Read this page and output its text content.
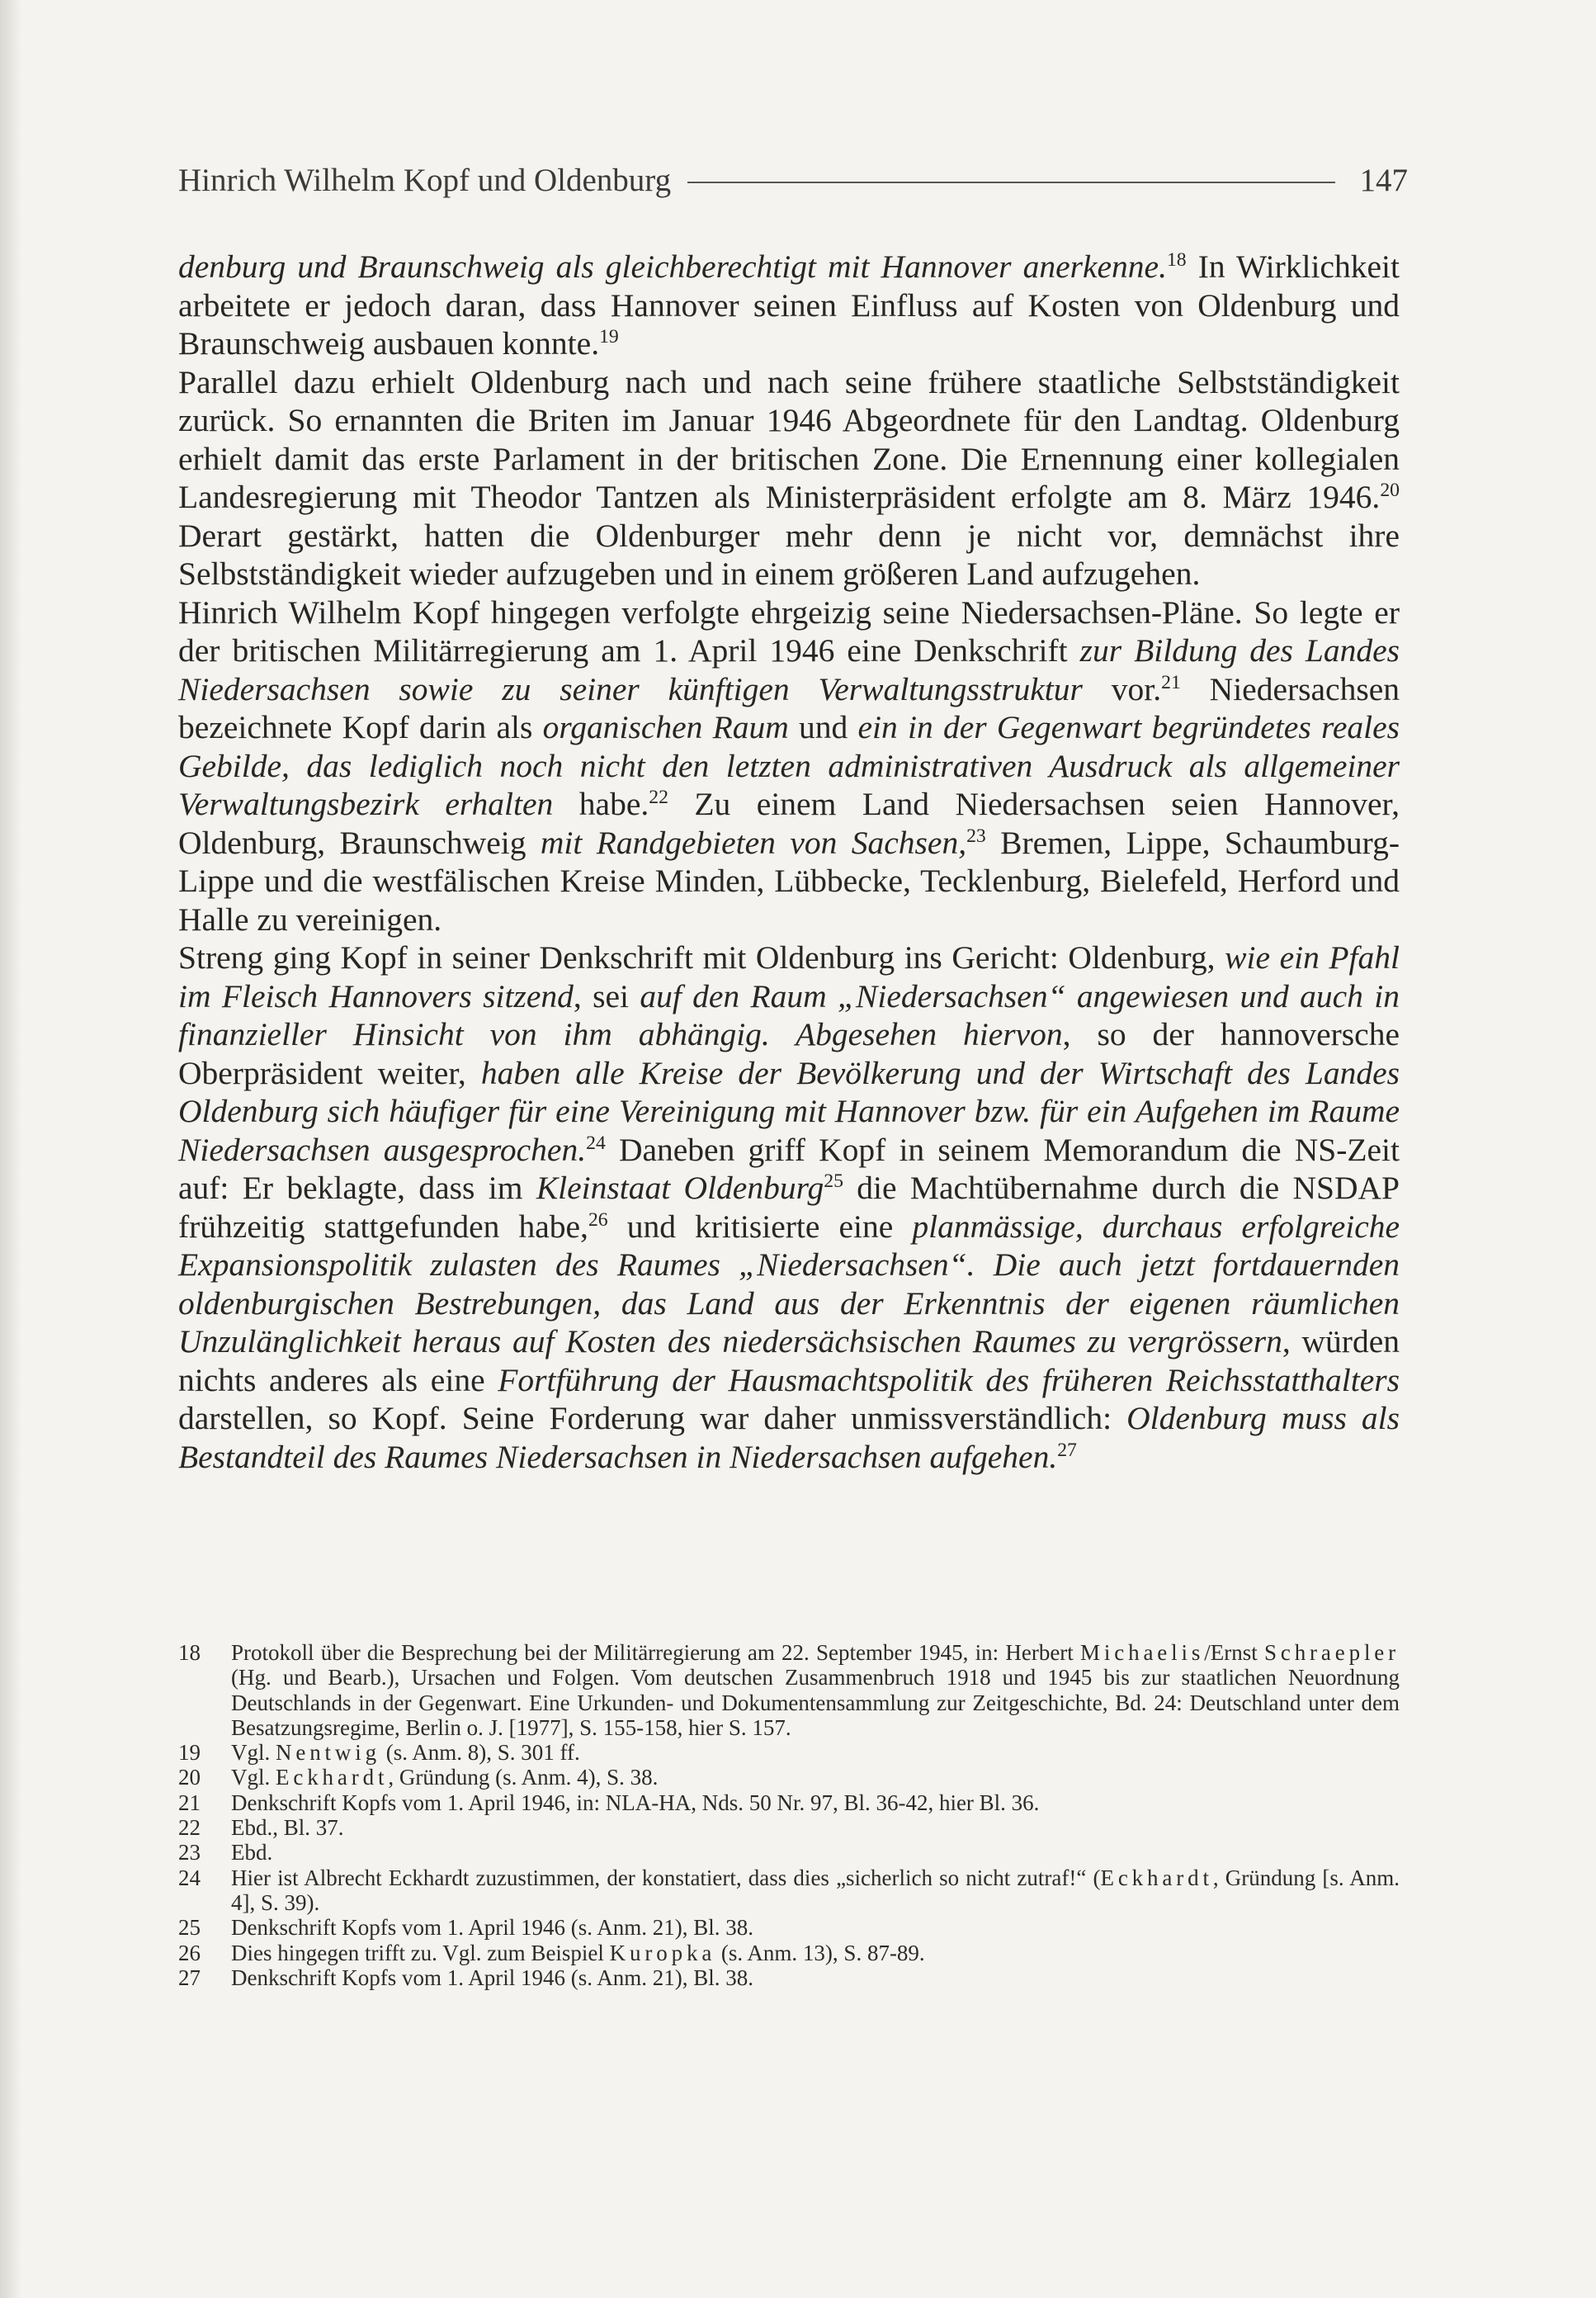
Hinrich Wilhelm Kopf und Oldenburg	147

denburg und Braunschweig als gleichberechtigt mit Hannover anerkenne.$^{18}$ In Wirklichkeit arbeitete er jedoch daran, dass Hannover seinen Einfluss auf Kosten von Oldenburg und Braunschweig ausbauen konnte.$^{19}$

Parallel dazu erhielt Oldenburg nach und nach seine frühere staatliche Selbstständigkeit zurück. So ernannten die Briten im Januar 1946 Abgeordnete für den Landtag. Oldenburg erhielt damit das erste Parlament in der britischen Zone. Die Ernennung einer kollegialen Landesregierung mit Theodor Tantzen als Ministerpräsident erfolgte am 8. März 1946.20 Derart gestärkt, hatten die Oldenburger mehr denn je nicht vor, demnächst ihre Selbstständigkeit wieder aufzugeben und in einem größeren Land aufzugehen.

Hinrich Wilhelm Kopf hingegen verfolgte ehrgeizig seine Niedersachsen-Pläne. So legte er der britischen Militärregierung am 1. April 1946 eine Denkschrift zur Bildung des Landes Niedersachsen sowie zu seiner künftigen Verwaltungsstruktur vor.$^{21}$ Niedersachsen bezeichnete Kopf darin als organischen Raum und ein in der Gegenwart begründetes reales Gebilde, das lediglich noch nicht den letzten administrativen Ausdruck als allgemeiner Verwaltungsbezirk erhalten habe.$^{22}$ Zu einem Land Niedersachsen seien Hannover, Oldenburg, Braunschweig mit Randgebieten von Sachsen,$^{23}$ Bremen, Lippe, Schaumburg-Lippe und die westfälischen Kreise Minden, Lübbecke, Tecklenburg, Bielefeld, Herford und Halle zu vereinigen.

Streng ging Kopf in seiner Denkschrift mit Oldenburg ins Gericht: Oldenburg, wie ein Pfahl im Fleisch Hannovers sitzend, sei auf den Raum „Niedersachsen“ angewiesen und auch in finanzieller Hinsicht von ihm abhängig. Abgesehen hiervon, so der hannoversche Oberpräsident weiter, haben alle Kreise der Bevölkerung und der Wirtschaft des Landes Oldenburg sich häufiger für eine Vereinigung mit Hannover bzw. für ein Aufgehen im Raume Niedersachsen ausgesprochen.$^{24}$ Daneben griff Kopf in seinem Memorandum die NS-Zeit auf: Er beklagte, dass im Kleinstaat Oldenburg$^{25}$ die Machtübernahme durch die NSDAP frühzeitig stattgefunden habe,$^{26}$ und kritisierte eine planmässige, durchaus erfolgreiche Expansionspolitik zulasten des Raumes „Niedersachsen“. Die auch jetzt fortdauernden oldenburgischen Bestrebungen, das Land aus der Erkenntnis der eigenen räumlichen Unzulänglichkeit heraus auf Kosten des niedersächsischen Raumes zu vergrössern, würden nichts anderes als eine Fortführung der Hausmachtspolitik des früheren Reichsstatthalters darstellen, so Kopf. Seine Forderung war daher unmissverständlich: Oldenburg muss als Bestandteil des Raumes Niedersachsen in Niedersachsen aufgehen.$^{27}$

18	Protokoll über die Besprechung bei der Militärregierung am 22. September 1945, in: Herbert Michaelis/Ernst Schraepler (Hg. und Bearb.), Ursachen und Folgen. Vom deutschen Zusammenbruch 1918 und 1945 bis zur staatlichen Neuordnung Deutschlands in der Gegenwart. Eine Urkunden- und Dokumentensammlung zur Zeitgeschichte, Bd. 24: Deutschland unter dem Besatzungsregime, Berlin o. J. [1977], S. 155-158, hier S. 157.
19	Vgl. Nentwig (s. Anm. 8), S. 301 ff.
20	Vgl. Eckhardt, Gründung (s. Anm. 4), S. 38.
21	Denkschrift Kopfs vom 1. April 1946, in: NLA-HA, Nds. 50 Nr. 97, Bl. 36-42, hier Bl. 36.
22	Ebd., Bl. 37.
23	Ebd.
24	Hier ist Albrecht Eckhardt zuzustimmen, der konstatiert, dass dies „sicherlich so nicht zutraf!“ (Eckhardt, Gründung [s. Anm. 4], S. 39).
25	Denkschrift Kopfs vom 1. April 1946 (s. Anm. 21), Bl. 38.
26	Dies hingegen trifft zu. Vgl. zum Beispiel Kuropka (s. Anm. 13), S. 87-89.
27	Denkschrift Kopfs vom 1. April 1946 (s. Anm. 21), Bl. 38.
